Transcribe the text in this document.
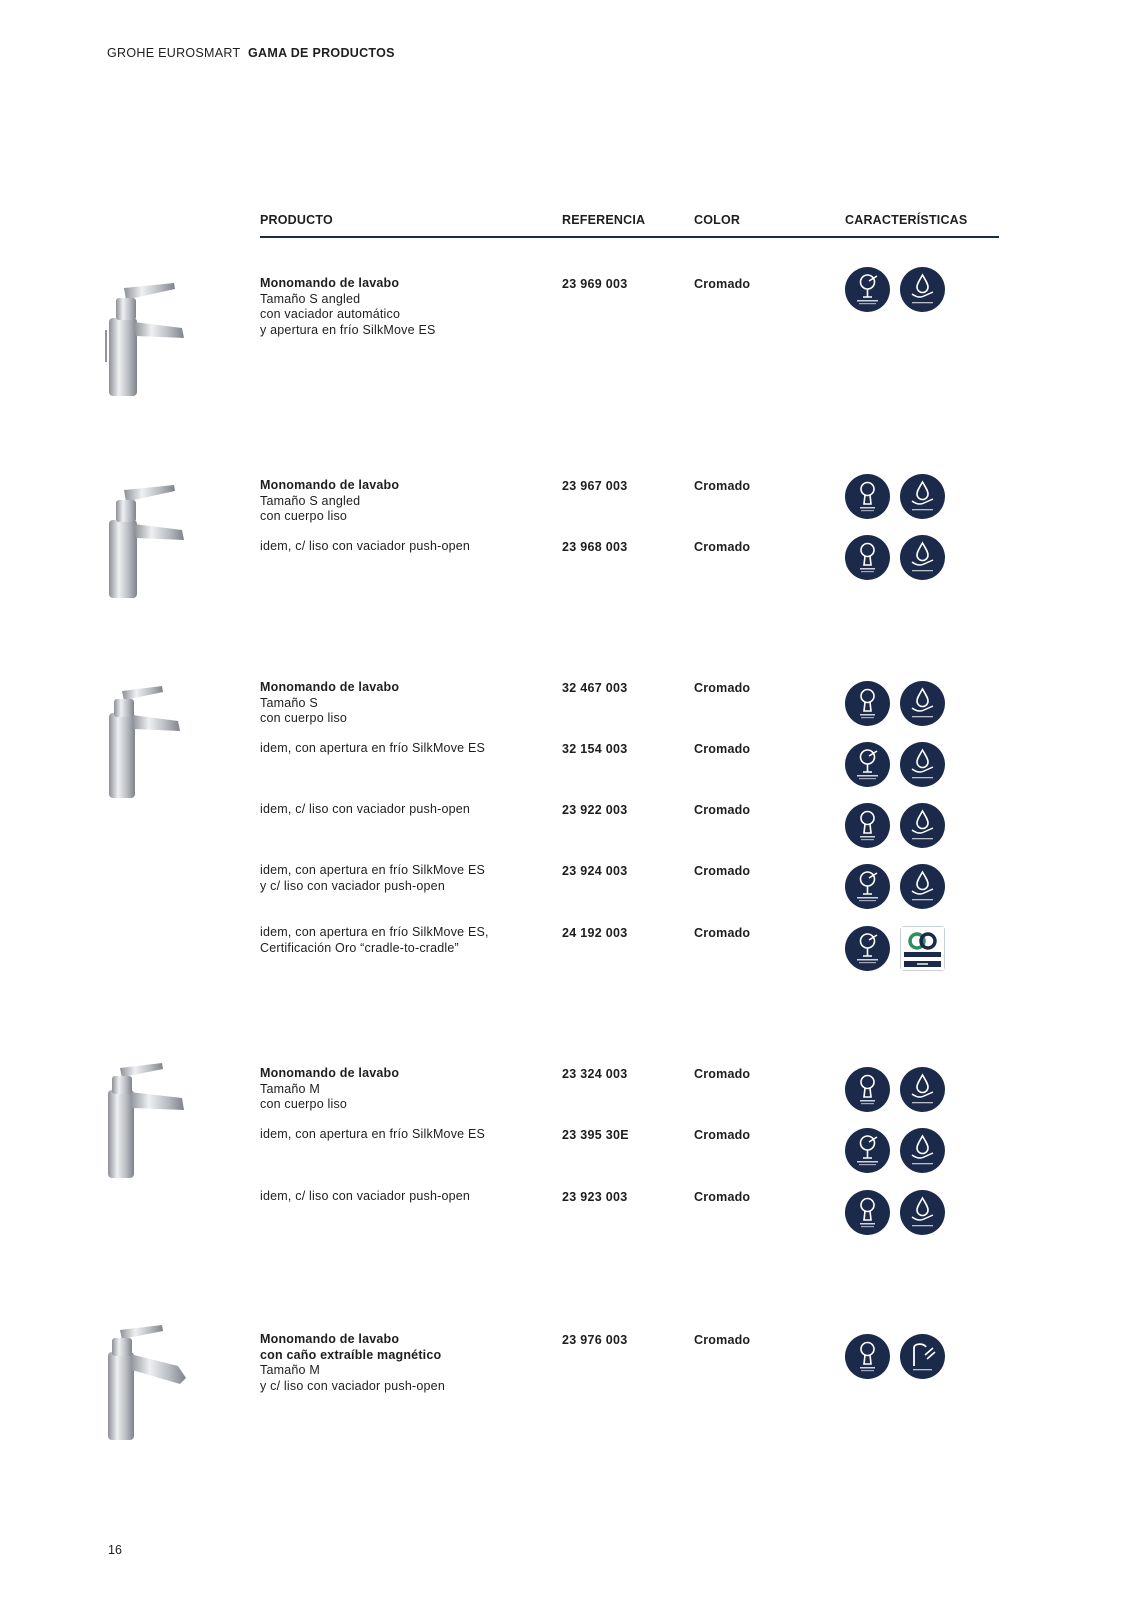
GROHE EUROSMART GAMA DE PRODUCTOS
PRODUCTO	REFERENCIA	COLOR	CARACTERÍSTICAS
Monomando de lavabo
Tamaño S angled
con vaciador automático
y apertura en frío SilkMove ES
23 969 003	Cromado
Monomando de lavabo
Tamaño S angled
con cuerpo liso
23 967 003	Cromado
idem, c/ liso con vaciador push-open	23 968 003	Cromado
Monomando de lavabo
Tamaño S
con cuerpo liso
32 467 003	Cromado
idem, con apertura en frío SilkMove ES	32 154 003	Cromado
idem, c/ liso con vaciador push-open	23 922 003	Cromado
idem, con apertura en frío SilkMove ES
y c/ liso con vaciador push-open
23 924 003	Cromado
idem, con apertura en frío SilkMove ES,
Certificación Oro “cradle-to-cradle”
24 192 003	Cromado
Monomando de lavabo
Tamaño M
con cuerpo liso
23 324 003	Cromado
idem, con apertura en frío SilkMove ES	23 395 30E	Cromado
idem, c/ liso con vaciador push-open	23 923 003	Cromado
Monomando de lavabo
con caño extraíble magnético
Tamaño M
y c/ liso con vaciador push-open
23 976 003	Cromado
16
